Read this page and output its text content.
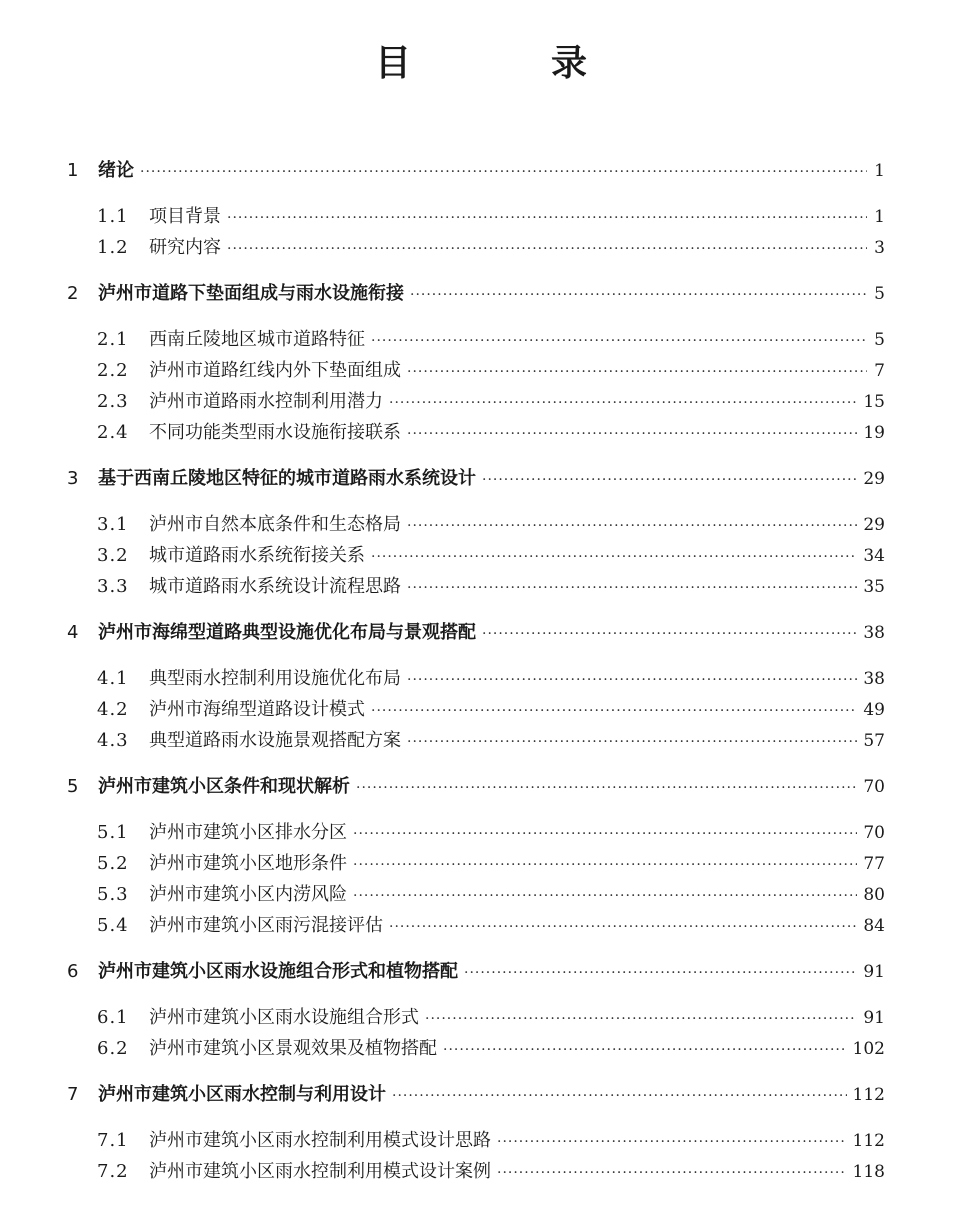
目　录
1	绪论 ·····	1
1.1	项目背景 ·····	1
1.2	研究内容 ·····	3
2	泸州市道路下垫面组成与雨水设施衔接 ·····	5
2.1	西南丘陵地区城市道路特征 ·····	5
2.2	泸州市道路红线内外下垫面组成 ·····	7
2.3	泸州市道路雨水控制利用潜力 ·····	15
2.4	不同功能类型雨水设施衔接联系 ·····	19
3	基于西南丘陵地区特征的城市道路雨水系统设计 ·····	29
3.1	泸州市自然本底条件和生态格局 ·····	29
3.2	城市道路雨水系统衔接关系 ·····	34
3.3	城市道路雨水系统设计流程思路 ·····	35
4	泸州市海绵型道路典型设施优化布局与景观搭配 ·····	38
4.1	典型雨水控制利用设施优化布局 ·····	38
4.2	泸州市海绵型道路设计模式 ·····	49
4.3	典型道路雨水设施景观搭配方案 ·····	57
5	泸州市建筑小区条件和现状解析 ·····	70
5.1	泸州市建筑小区排水分区 ·····	70
5.2	泸州市建筑小区地形条件 ·····	77
5.3	泸州市建筑小区内涝风险 ·····	80
5.4	泸州市建筑小区雨污混接评估 ·····	84
6	泸州市建筑小区雨水设施组合形式和植物搭配 ·····	91
6.1	泸州市建筑小区雨水设施组合形式 ·····	91
6.2	泸州市建筑小区景观效果及植物搭配 ·····	102
7	泸州市建筑小区雨水控制与利用设计 ·····	112
7.1	泸州市建筑小区雨水控制利用模式设计思路 ·····	112
7.2	泸州市建筑小区雨水控制利用模式设计案例 ·····	118
